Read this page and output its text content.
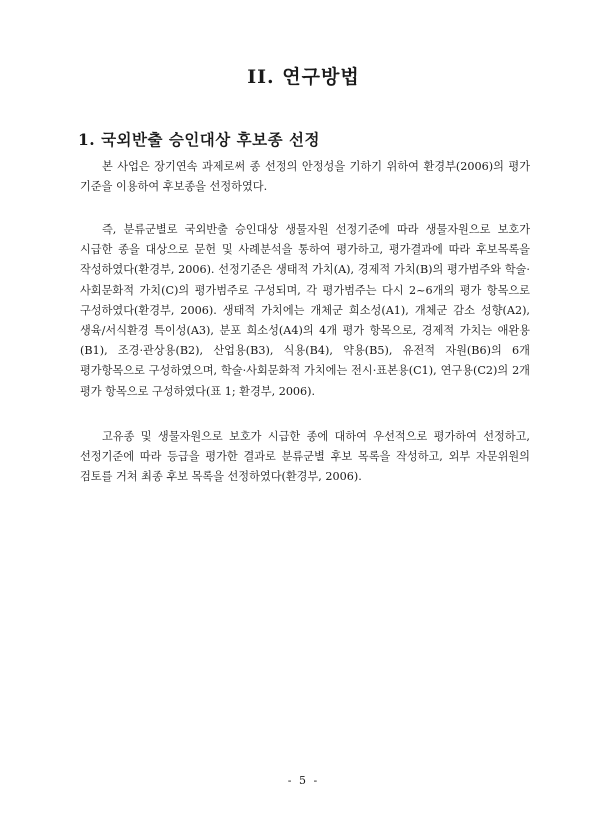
II. 연구방법
1. 국외반출 승인대상 후보종 선정

본 사업은 장기연속 과제로써 종 선정의 안정성을 기하기 위하여 환경부(2006)의 평가 기준을 이용하여 후보종을 선정하였다.

즉, 분류군별로 국외반출 승인대상 생물자원 선정기준에 따라 생물자원으로 보호가 시급한 종을 대상으로 문헌 및 사례분석을 통하여 평가하고, 평가결과에 따라 후보목록을 작성하였다(환경부, 2006). 선정기준은 생태적 가치(A), 경제적 가치(B)의 평가범주와 학술·사회문화적 가치(C)의 평가범주로 구성되며, 각 평가범주는 다시 2~6개의 평가 항목으로 구성하였다(환경부, 2006). 생태적 가치에는 개체군 희소성(A1), 개체군 감소 성향(A2), 생육/서식환경 특이성(A3), 분포 희소성(A4)의 4개 평가 항목으로, 경제적 가치는 애완용(B1), 조경·관상용(B2), 산업용(B3), 식용(B4), 약용(B5), 유전적 자원(B6)의 6개 평가항목으로 구성하였으며, 학술·사회문화적 가치에는 전시·표본용(C1), 연구용(C2)의 2개 평가 항목으로 구성하였다(표 1; 환경부, 2006).

고유종 및 생물자원으로 보호가 시급한 종에 대하여 우선적으로 평가하여 선정하고, 선정기준에 따라 등급을 평가한 결과로 분류군별 후보 목록을 작성하고, 외부 자문위원의 검토를 거쳐 최종 후보 목록을 선정하였다(환경부, 2006).

- 5 -
